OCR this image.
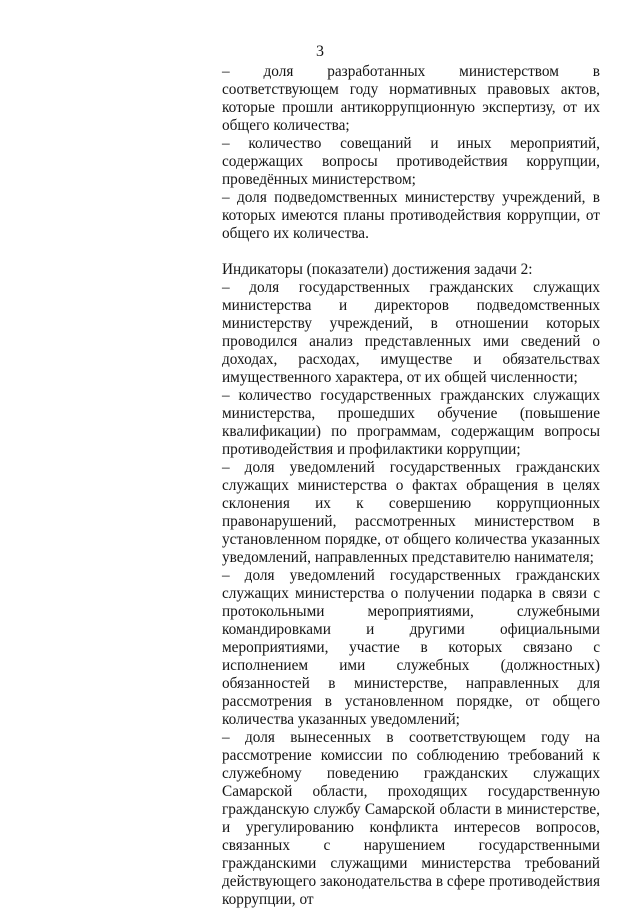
3

– доля разработанных министерством в соответствующем году нормативных правовых актов, которые прошли антикоррупционную экспертизу, от их общего количества;

– количество совещаний и иных мероприятий, содержащих вопросы противодействия коррупции, проведённых министерством;

– доля подведомственных министерству учреждений, в которых имеются планы противодействия коррупции, от общего их количества.

Индикаторы (показатели) достижения задачи 2:

– доля государственных гражданских служащих министерства и директоров подведомственных министерству учреждений, в отношении которых проводился анализ представленных ими сведений о доходах, расходах, имуществе и обязательствах имущественного характера, от их общей численности;

– количество государственных гражданских служащих министерства, прошедших обучение (повышение квалификации) по программам, содержащим вопросы противодействия и профилактики коррупции;

– доля уведомлений государственных гражданских служащих министерства о фактах обращения в целях склонения их к совершению коррупционных правонарушений, рассмотренных министерством в установленном порядке, от общего количества указанных уведомлений, направленных представителю нанимателя;

– доля уведомлений государственных гражданских служащих министерства о получении подарка в связи с протокольными мероприятиями, служебными командировками и другими официальными мероприятиями, участие в которых связано с исполнением ими служебных (должностных) обязанностей в министерстве, направленных для рассмотрения в установленном порядке, от общего количества указанных уведомлений;

– доля вынесенных в соответствующем году на рассмотрение комиссии по соблюдению требований к служебному поведению гражданских служащих Самарской области, проходящих государственную гражданскую службу Самарской области в министерстве, и урегулированию конфликта интересов вопросов, связанных с нарушением государственными гражданскими служащими министерства требований действующего законодательства в сфере противодействия коррупции, от
